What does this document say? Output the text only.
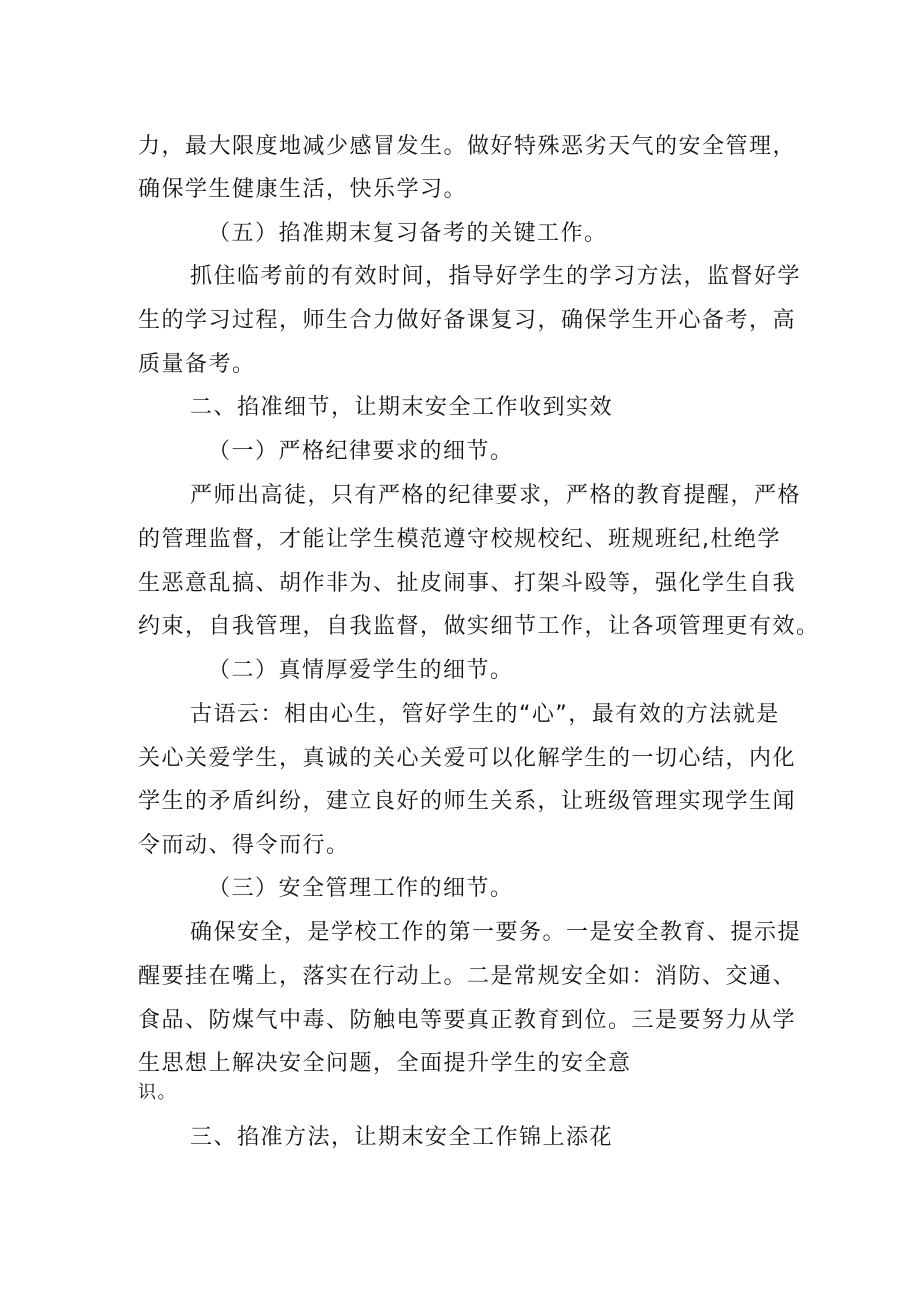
力，最大限度地减少感冒发生。做好特殊恶劣天气的安全管理，
确保学生健康生活，快乐学习。
（五）掐准期末复习备考的关键工作。
抓住临考前的有效时间，指导好学生的学习方法，监督好学
生的学习过程，师生合力做好备课复习，确保学生开心备考，高
质量备考。
二、掐准细节，让期末安全工作收到实效
（一）严格纪律要求的细节。
严师出高徒，只有严格的纪律要求，严格的教育提醒，严格
的管理监督，才能让学生模范遵守校规校纪、班规班纪,杜绝学
生恶意乱搞、胡作非为、扯皮闹事、打架斗殴等，强化学生自我
约束，自我管理，自我监督，做实细节工作，让各项管理更有效。
（二）真情厚爱学生的细节。
古语云：相由心生，管好学生的“心”，最有效的方法就是
关心关爱学生，真诚的关心关爱可以化解学生的一切心结，内化
学生的矛盾纠纷，建立良好的师生关系，让班级管理实现学生闻
令而动、得令而行。
（三）安全管理工作的细节。
确保安全，是学校工作的第一要务。一是安全教育、提示提
醒要挂在嘴上，落实在行动上。二是常规安全如：消防、交通、
食品、防煤气中毒、防触电等要真正教育到位。三是要努力从学
生思想上解决安全问题，全面提升学生的安全意
识。
三、掐准方法，让期末安全工作锦上添花
